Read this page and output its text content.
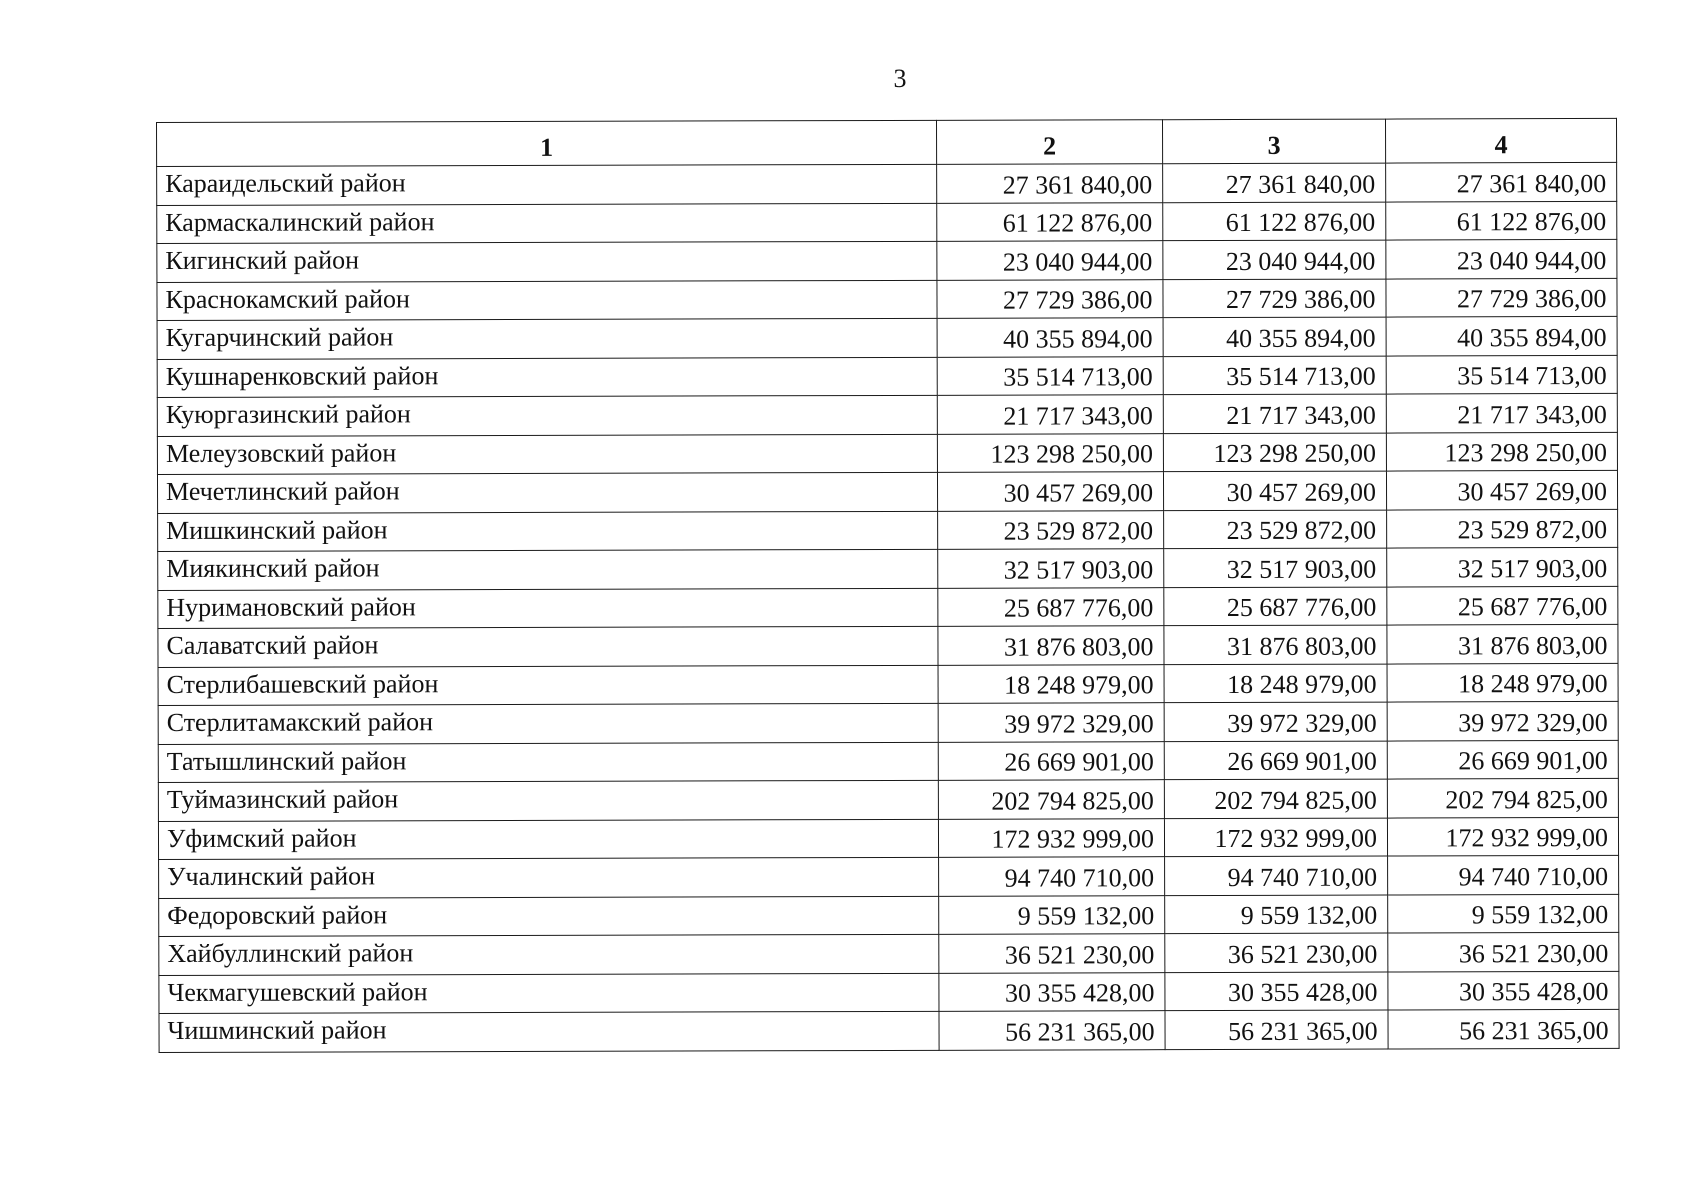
3
1	2	3	4
Караидельский район	27 361 840,00	27 361 840,00	27 361 840,00
Кармаскалинский район	61 122 876,00	61 122 876,00	61 122 876,00
Кигинский район	23 040 944,00	23 040 944,00	23 040 944,00
Краснокамский район	27 729 386,00	27 729 386,00	27 729 386,00
Кугарчинский район	40 355 894,00	40 355 894,00	40 355 894,00
Кушнаренковский район	35 514 713,00	35 514 713,00	35 514 713,00
Куюргазинский район	21 717 343,00	21 717 343,00	21 717 343,00
Мелеузовский район	123 298 250,00	123 298 250,00	123 298 250,00
Мечетлинский район	30 457 269,00	30 457 269,00	30 457 269,00
Мишкинский район	23 529 872,00	23 529 872,00	23 529 872,00
Миякинский район	32 517 903,00	32 517 903,00	32 517 903,00
Нуримановский район	25 687 776,00	25 687 776,00	25 687 776,00
Салаватский район	31 876 803,00	31 876 803,00	31 876 803,00
Стерлибашевский район	18 248 979,00	18 248 979,00	18 248 979,00
Стерлитамакский район	39 972 329,00	39 972 329,00	39 972 329,00
Татышлинский район	26 669 901,00	26 669 901,00	26 669 901,00
Туймазинский район	202 794 825,00	202 794 825,00	202 794 825,00
Уфимский район	172 932 999,00	172 932 999,00	172 932 999,00
Учалинский район	94 740 710,00	94 740 710,00	94 740 710,00
Федоровский район	9 559 132,00	9 559 132,00	9 559 132,00
Хайбуллинский район	36 521 230,00	36 521 230,00	36 521 230,00
Чекмагушевский район	30 355 428,00	30 355 428,00	30 355 428,00
Чишминский район	56 231 365,00	56 231 365,00	56 231 365,00
